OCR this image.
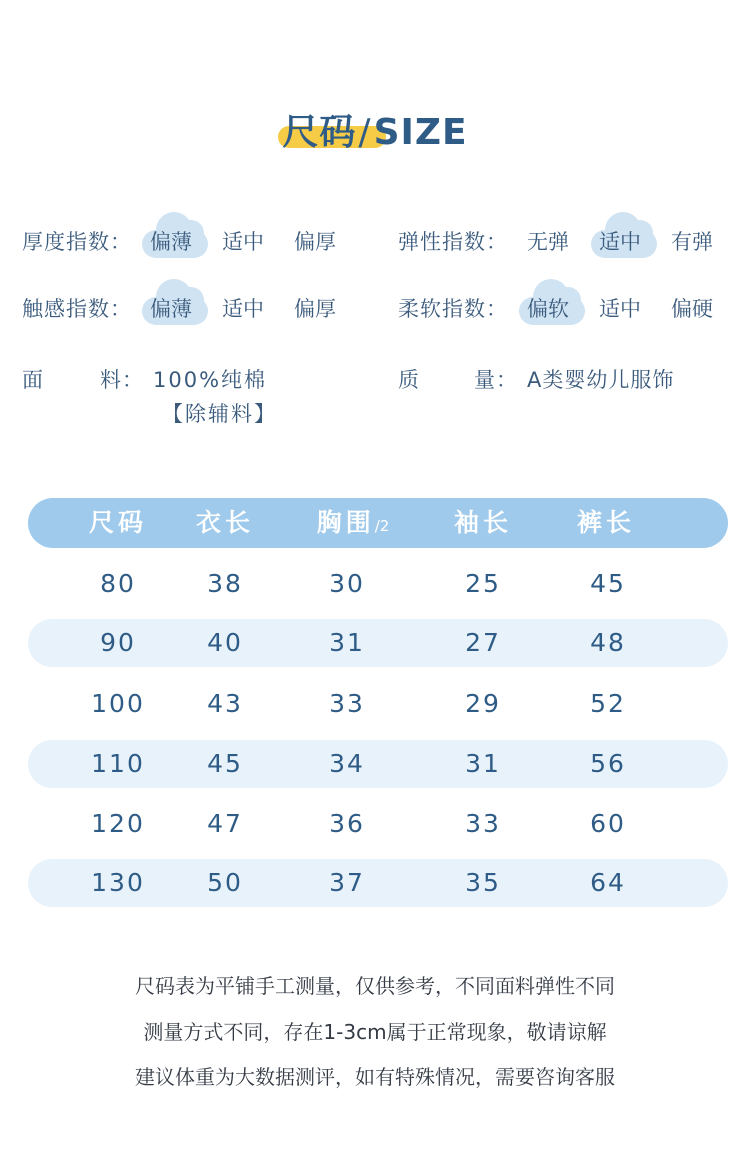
尺码/SIZE
厚度指数： 偏薄 适中 偏厚	弹性指数： 无弹 适中 有弹
触感指数： 偏薄 适中 偏厚	柔软指数： 偏软 适中 偏硬
面	料： 100%纯棉
【除辅料】
质	量： A类婴幼儿服饰
尺码 衣长	胸围/2	袖长	裤长
80	38	30	25	45
90	40	31	27	48
100 43	33	29	52
110 45	34	31	56
120 47	36	33	60
130 50	37	35	64
尺码表为平铺手工测量，仅供参考，不同面料弹性不同
测量方式不同，存在1-3cm属于正常现象，敬请谅解
建议体重为大数据测评，如有特殊情况，需要咨询客服
